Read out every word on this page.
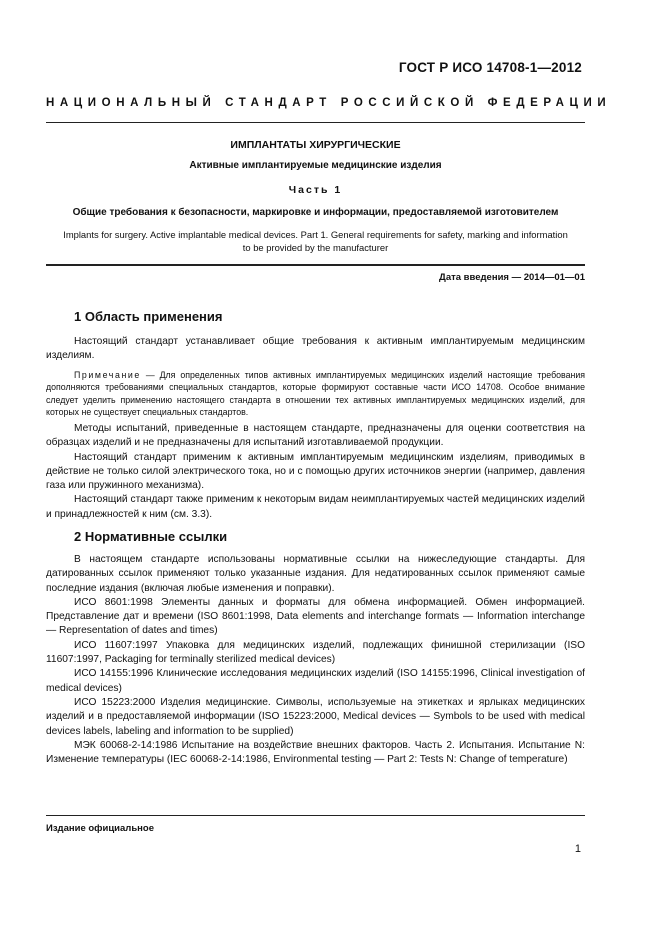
ГОСТ Р ИСО 14708-1—2012
НАЦИОНАЛЬНЫЙ СТАНДАРТ РОССИЙСКОЙ ФЕДЕРАЦИИ
ИМПЛАНТАТЫ ХИРУРГИЧЕСКИЕ
Активные имплантируемые медицинские изделия
Часть 1
Общие требования к безопасности, маркировке и информации, предоставляемой изготовителем
Implants for surgery. Active implantable medical devices. Part 1. General requirements for safety, marking and information to be provided by the manufacturer
Дата введения — 2014—01—01
1 Область применения

Настоящий стандарт устанавливает общие требования к активным имплантируемым медицинским изделиям.

Примечание — Для определенных типов активных имплантируемых медицинских изделий настоящие требования дополняются требованиями специальных стандартов, которые формируют составные части ИСО 14708. Особое внимание следует уделить применению настоящего стандарта в отношении тех активных имплантируемых медицинских изделий, для которых не существует специальных стандартов.

Методы испытаний, приведенные в настоящем стандарте, предназначены для оценки соответствия на образцах изделий и не предназначены для испытаний изготавливаемой продукции.

Настоящий стандарт применим к активным имплантируемым медицинским изделиям, приводимых в действие не только силой электрического тока, но и с помощью других источников энергии (например, давления газа или пружинного механизма).

Настоящий стандарт также применим к некоторым видам неимплантируемых частей медицинских изделий и принадлежностей к ним (см. 3.3).

2 Нормативные ссылки

В настоящем стандарте использованы нормативные ссылки на нижеследующие стандарты. Для датированных ссылок применяют только указанные издания. Для недатированных ссылок применяют самые последние издания (включая любые изменения и поправки).

ИСО 8601:1998 Элементы данных и форматы для обмена информацией. Обмен информацией. Представление дат и времени (ISO 8601:1998, Data elements and interchange formats — Information interchange — Representation of dates and times)

ИСО 11607:1997 Упаковка для медицинских изделий, подлежащих финишной стерилизации (ISO 11607:1997, Packaging for terminally sterilized medical devices)

ИСО 14155:1996 Клинические исследования медицинских изделий (ISO 14155:1996, Clinical investigation of medical devices)

ИСО 15223:2000 Изделия медицинские. Символы, используемые на этикетках и ярлыках медицинских изделий и в предоставляемой информации (ISO 15223:2000, Medical devices — Symbols to be used with medical devices labels, labeling and information to be supplied)

МЭК 60068-2-14:1986 Испытание на воздействие внешних факторов. Часть 2. Испытания. Испытание N: Изменение температуры (IEC 60068-2-14:1986, Environmental testing — Part 2: Tests N: Change of temperature)

Издание официальное
1
